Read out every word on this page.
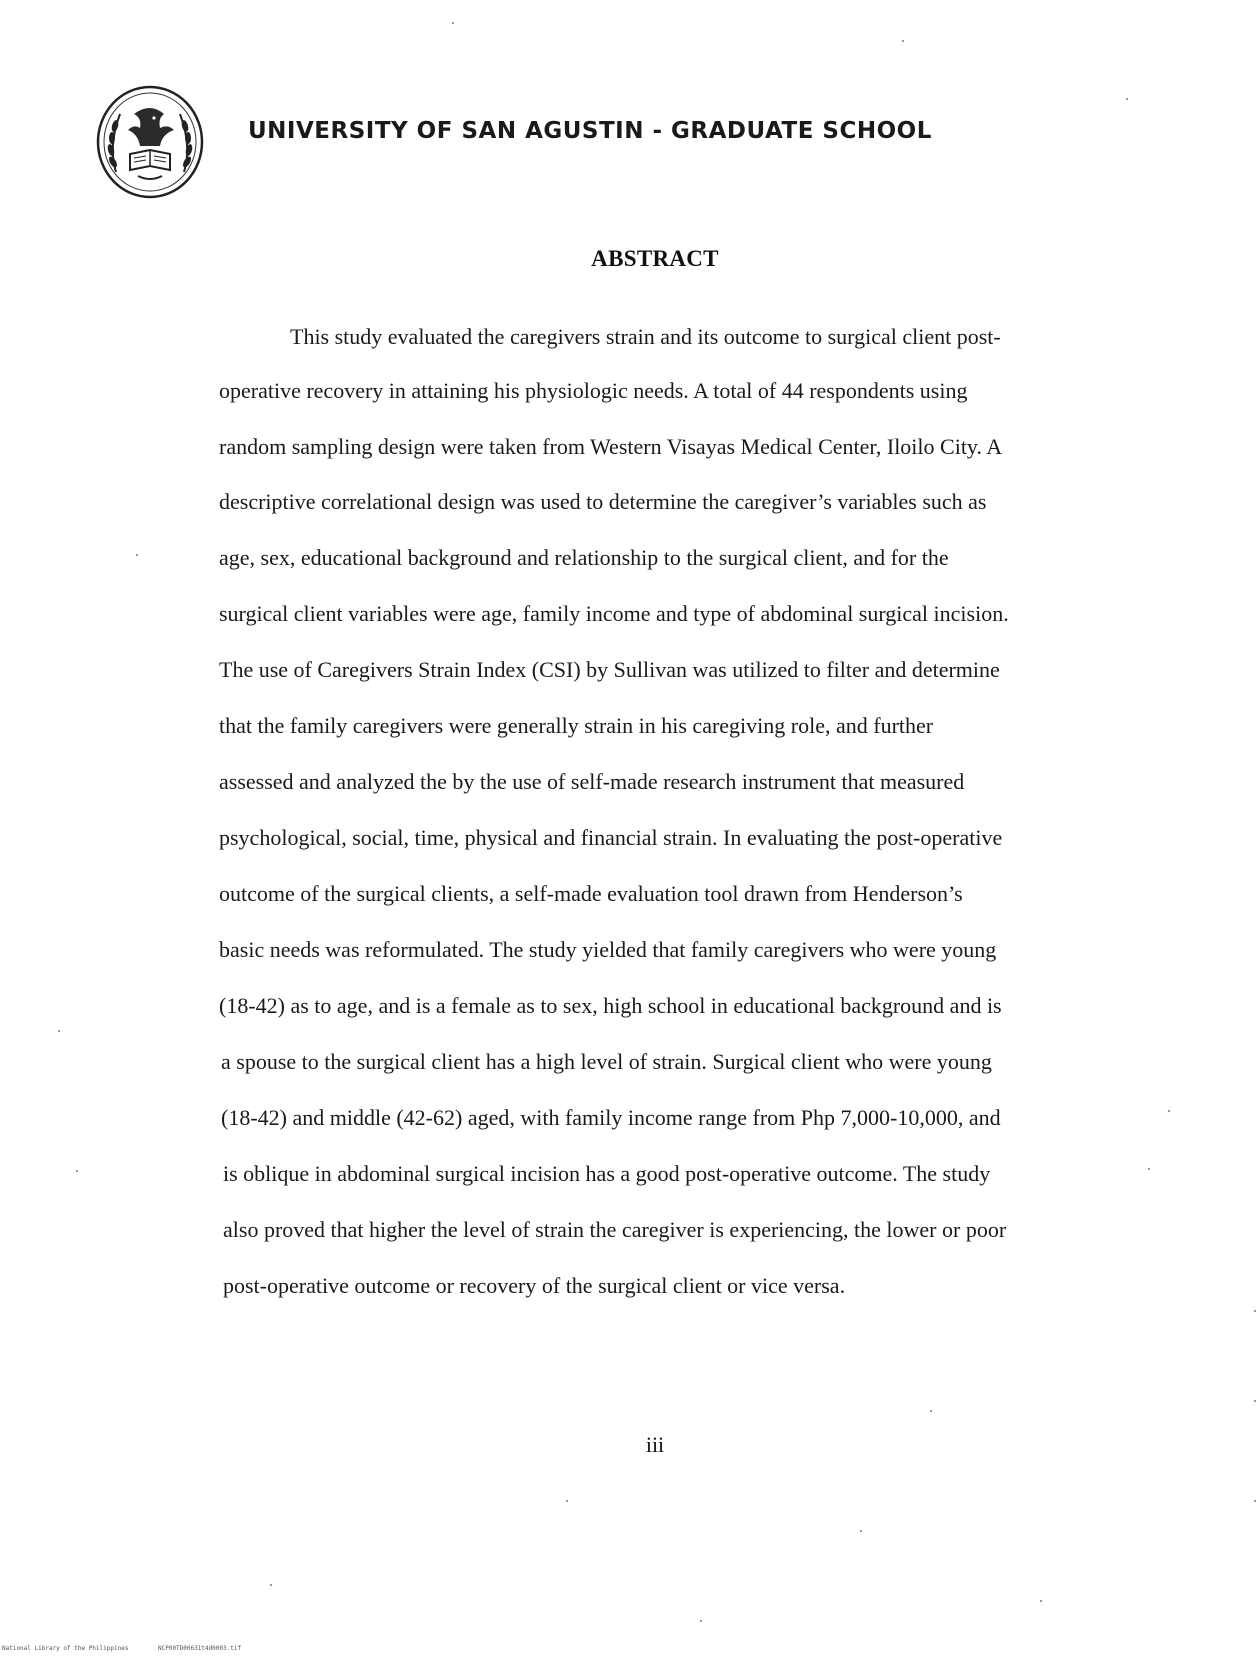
UNIVERSITY OF SAN AGUSTIN - GRADUATE SCHOOL
ABSTRACT
This study evaluated the caregivers strain and its outcome to surgical client post-
operative recovery in attaining his physiologic needs. A total of 44 respondents using
random sampling design were taken from Western Visayas Medical Center, Iloilo City. A
descriptive correlational design was used to determine the caregiver’s variables such as
age, sex, educational background and relationship to the surgical client, and for the
surgical client variables were age, family income and type of abdominal surgical incision.
The use of Caregivers Strain Index (CSI) by Sullivan was utilized to filter and determine
that the family caregivers were generally strain in his caregiving role, and further
assessed and analyzed the by the use of self-made research instrument that measured
psychological, social, time, physical and financial strain. In evaluating the post-operative
outcome of the surgical clients, a self-made evaluation tool drawn from Henderson’s
basic needs was reformulated. The study yielded that family caregivers who were young
(18-42) as to age, and is a female as to sex, high school in educational background and is
a spouse to the surgical client has a high level of strain. Surgical client who were young
(18-42) and middle (42-62) aged, with family income range from Php 7,000-10,000, and
is oblique in abdominal surgical incision has a good post-operative outcome. The study
also proved that higher the level of strain the caregiver is experiencing, the lower or poor
post-operative outcome or recovery of the surgical client or vice versa.
iii
National Library of the Philippines	NCP00TD00631t4d0003.tif
